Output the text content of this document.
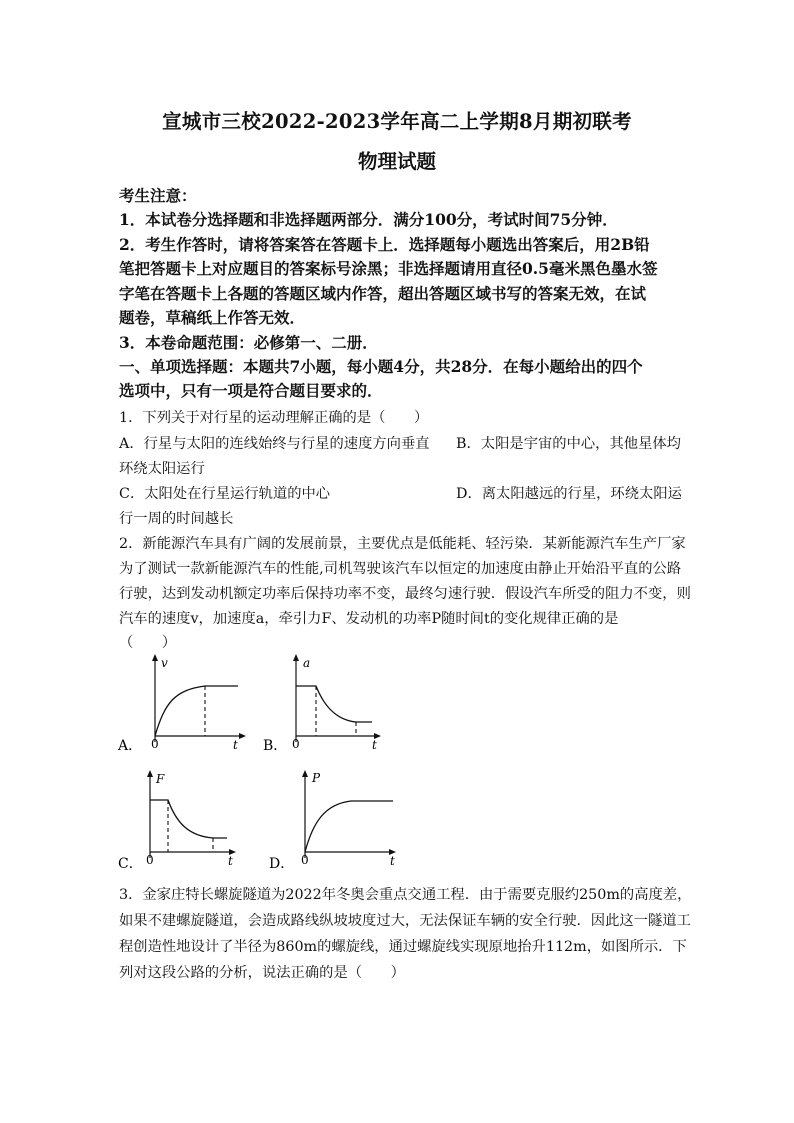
宣城市三校2022-2023学年高二上学期8月期初联考
物理试题
考生注意：
1．本试卷分选择题和非选择题两部分．满分100分，考试时间75分钟．
2．考生作答时，请将答案答在答题卡上．选择题每小题选出答案后，用2B铅
笔把答题卡上对应题目的答案标号涂黑；非选择题请用直径0.5毫米黑色墨水签
字笔在答题卡上各题的答题区域内作答，超出答题区域书写的答案无效，在试
题卷，草稿纸上作答无效．
3．本卷命题范围：必修第一、二册．
一、单项选择题：本题共7小题，每小题4分，共28分．在每小题给出的四个
选项中，只有一项是符合题目要求的．
1．下列关于对行星的运动理解正确的是（　　）
A．行星与太阳的连线始终与行星的速度方向垂直 B．太阳是宇宙的中心，其他星体均
环绕太阳运行
C．太阳处在行星运行轨道的中心	D．离太阳越远的行星，环绕太阳运
行一周的时间越长
2．新能源汽车具有广阔的发展前景，主要优点是低能耗、轻污染．某新能源汽车生产厂家
为了测试一款新能源汽车的性能,司机驾驶该汽车以恒定的加速度由静止开始沿平直的公路
行驶，达到发动机额定功率后保持功率不变，最终匀速行驶．假设汽车所受的阻力不变，则
汽车的速度v，加速度a，牵引力F、发动机的功率P随时间t的变化规律正确的是
（　　）
v
0	t
A．
a
0	t
B．
F
0	t
C．
P
0	t
D．
3．金家庄特长螺旋隧道为2022年冬奥会重点交通工程．由于需要克服约250m的高度差，
如果不建螺旋隧道，会造成路线纵坡坡度过大，无法保证车辆的安全行驶．因此这一隧道工
程创造性地设计了半径为860m的螺旋线，通过螺旋线实现原地抬升112m，如图所示．下
列对这段公路的分析，说法正确的是（　　）
